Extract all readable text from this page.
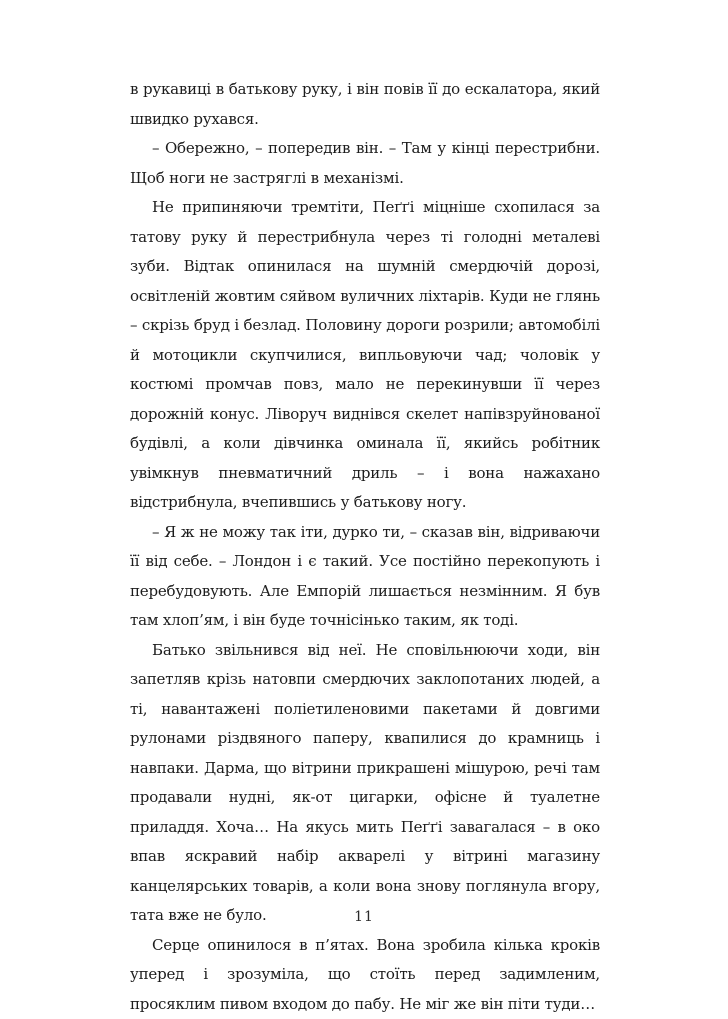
в рукавиці в батькову руку, і він повів її до ескалатора, який швидко рухався.

– Обережно, – попередив він. – Там у кінці перестрибни. Щоб ноги не застряглі в механізмі.

Не припиняючи тремтіти, Пеґґі міцніше схопилася за татову руку й перестрибнула через ті голодні металеві зуби. Відтак опинилася на шумній смердючій дорозі, освітленій жовтим сяйвом вуличних ліхтарів. Куди не глянь – скрізь бруд і безлад. Половину дороги розрили; автомобілі й мотоцикли скупчилися, випльовуючи чад; чоловік у костюмі промчав повз, мало не перекинувши її через дорожній конус. Ліворуч виднівся скелет напівзруйнованої будівлі, а коли дівчинка оминала її, якийсь робітник увімкнув пневматичний дриль – і вона нажахано відстрибнула, вчепившись у батькову ногу.

– Я ж не можу так іти, дурко ти, – сказав він, відриваючи її від себе. – Лондон і є такий. Усе постійно перекопують і перебудовують. Але Емпорій лишається незмінним. Я був там хлоп’ям, і він буде точнісінько таким, як тоді.

Батько звільнився від неї. Не сповільнюючи ходи, він запетляв крізь натовпи смердючих заклопотаних людей, а ті, навантажені поліетиленовими пакетами й довгими рулонами різдвяного паперу, квапилися до крамниць і навпаки. Дарма, що вітрини прикрашені мішурою, речі там продавали нудні, як-от цигарки, офісне й туалетне приладдя. Хоча… На якусь мить Пеґґі завагалася – в око впав яскравий набір акварелі у вітрині магазину канцелярських товарів, а коли вона знову поглянула вгору, тата вже не було.

Серце опинилося в п’ятах. Вона зробила кілька кроків уперед і зрозуміла, що стоїть перед задимленим, просяклим пивом входом до пабу. Не міг же він піти туди…

11
